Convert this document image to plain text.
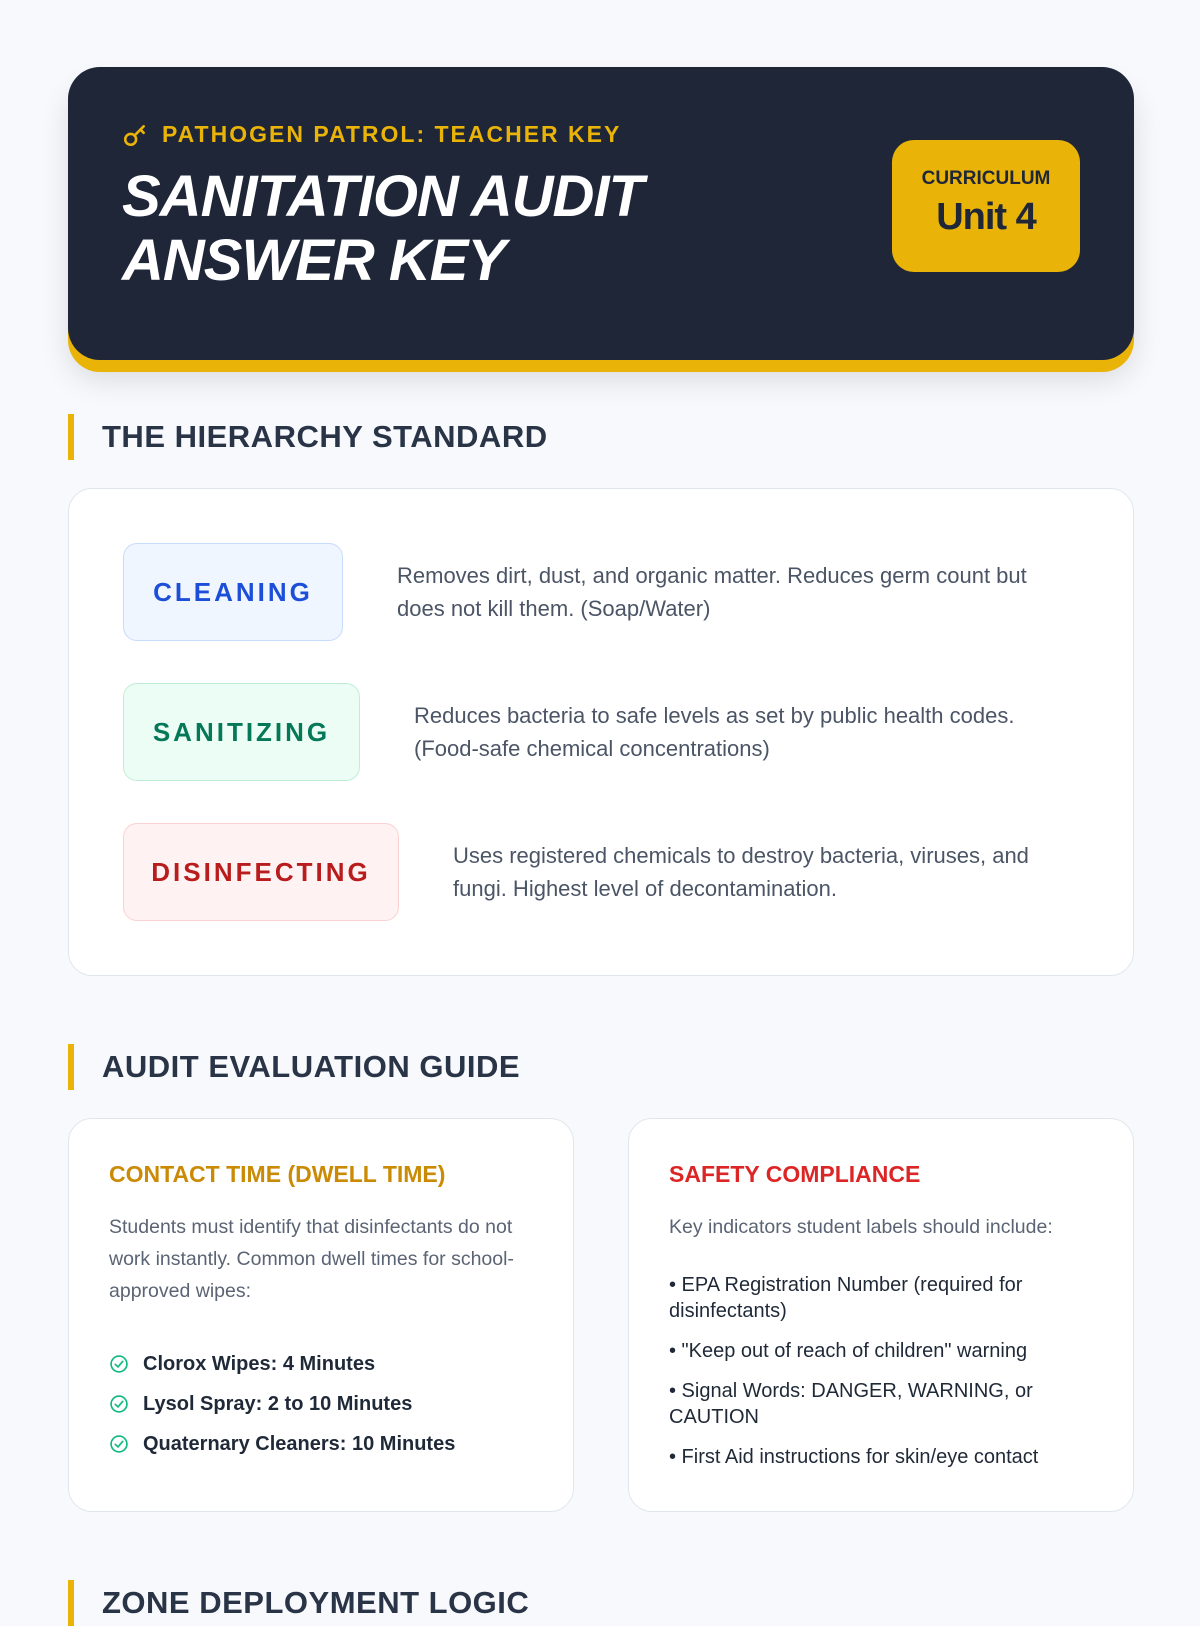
PATHOGEN PATROL: TEACHER KEY
SANITATION AUDIT
ANSWER KEY
CURRICULUM
Unit 4
THE HIERARCHY STANDARD
CLEANING
Removes dirt, dust, and organic matter. Reduces germ count but does not kill them. (Soap/Water)
SANITIZING
Reduces bacteria to safe levels as set by public health codes. (Food-safe chemical concentrations)
DISINFECTING
Uses registered chemicals to destroy bacteria, viruses, and fungi. Highest level of decontamination.
AUDIT EVALUATION GUIDE
CONTACT TIME (DWELL TIME)
Students must identify that disinfectants do not work instantly. Common dwell times for school-approved wipes:
Clorox Wipes: 4 Minutes
Lysol Spray: 2 to 10 Minutes
Quaternary Cleaners: 10 Minutes
SAFETY COMPLIANCE
Key indicators student labels should include:
• EPA Registration Number (required for disinfectants)
• "Keep out of reach of children" warning
• Signal Words: DANGER, WARNING, or CAUTION
• First Aid instructions for skin/eye contact
ZONE DEPLOYMENT LOGIC
